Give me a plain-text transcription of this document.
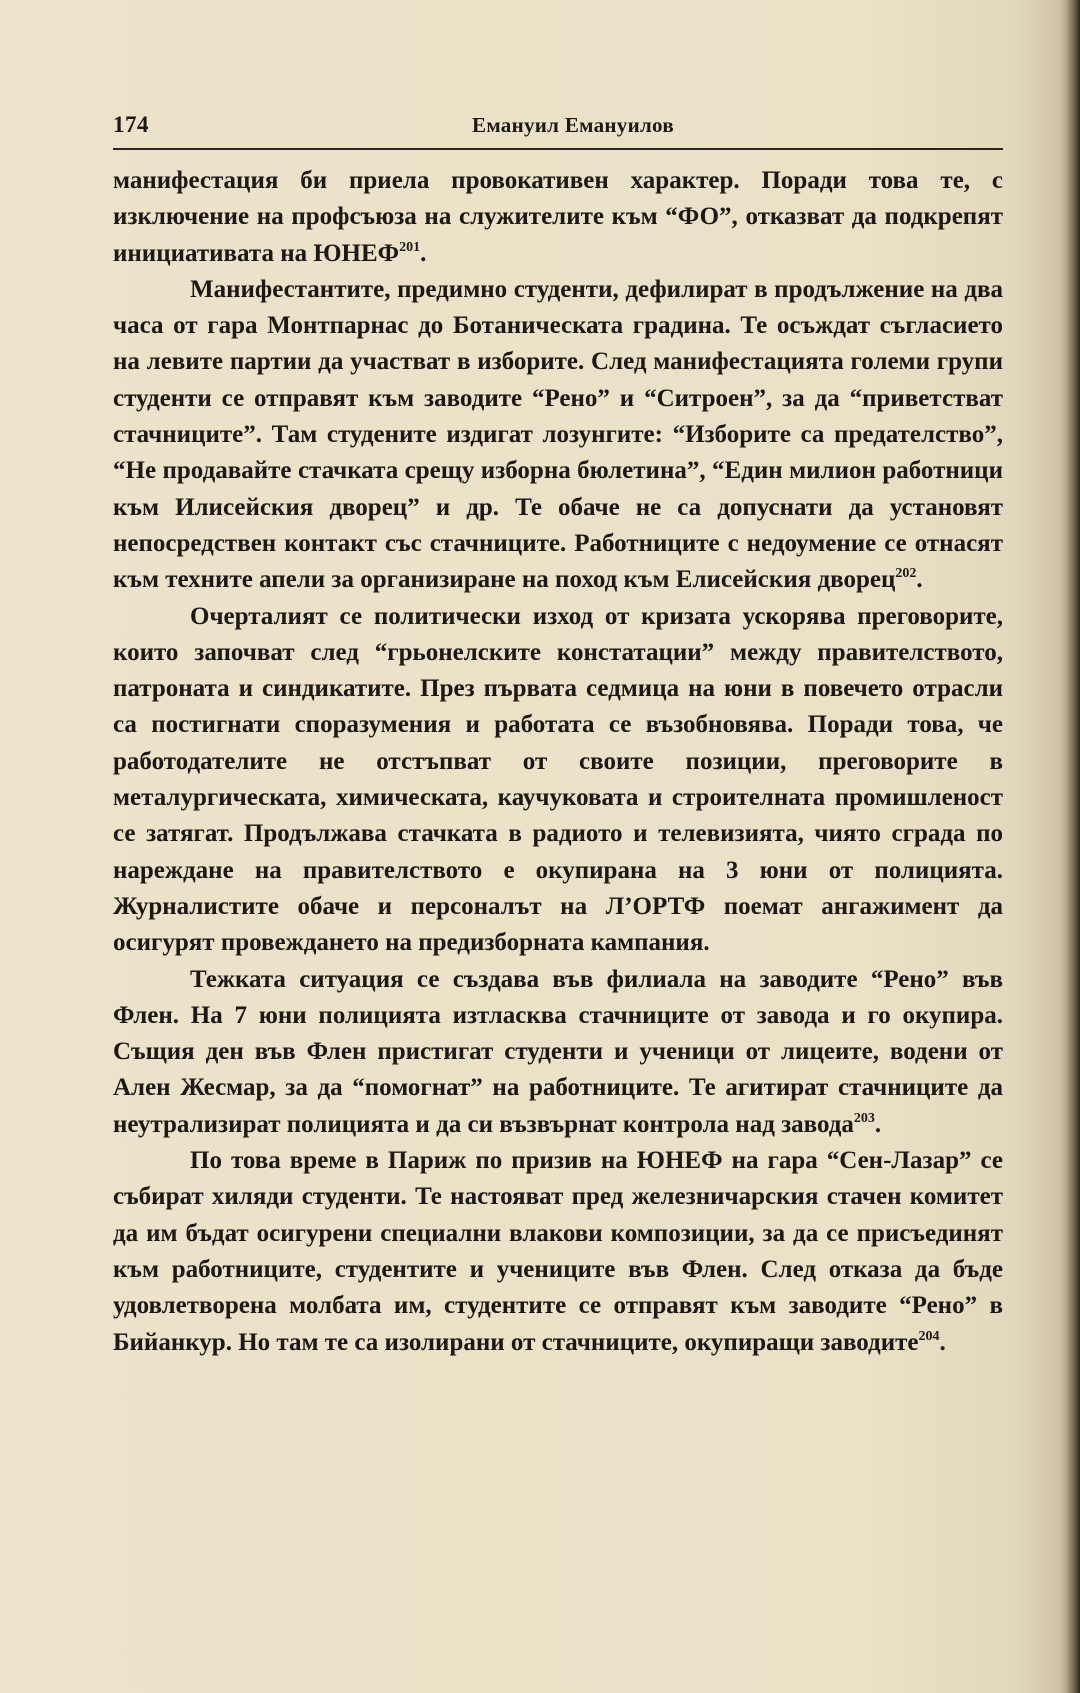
174	Емануил Емануилов

манифестация би приела провокативен характер. Поради това те, с изключение на профсъюза на служителите към “ФО”, отказват да подкрепят инициативата на ЮНЕФ$^{201}$.

Манифестантите, предимно студенти, дефилират в продължение на два часа от гара Монтпарнас до Ботаническата градина. Те осъждат съгласието на левите партии да участват в изборите. След манифестацията големи групи студенти се отправят към заводите “Рено” и “Ситроен”, за да “приветстват стачниците”. Там студените издигат лозунгите: “Изборите са предателство”, “Не продавайте стачката срещу изборна бюлетина”, “Един милион работници към Илисейския дворец” и др. Те обаче не са допуснати да установят непосредствен контакт със стачниците. Работниците с недоумение се отнасят към техните апели за организиране на поход към Елисейския дворец$^{202}$.

Очерталият се политически изход от кризата ускорява преговорите, които започват след “грьонелските констатации” между правителството, патроната и синдикатите. През първата седмица на юни в повечето отрасли са постигнати споразумения и работата се възобновява. Поради това, че работодателите не отстъпват от своите позиции, преговорите в металургическата, химическата, каучуковата и строителната промишленост се затягат. Продължава стачката в радиото и телевизията, чиято сграда по нареждане на правителството е окупирана на 3 юни от полицията. Журналистите обаче и персоналът на Л’ОРТФ поемат ангажимент да осигурят провеждането на предизборната кампания.

Тежката ситуация се създава във филиала на заводите “Рено” във Флен. На 7 юни полицията изтласква стачниците от завода и го окупира. Същия ден във Флен пристигат студенти и ученици от лицеите, водени от Ален Жесмар, за да “помогнат” на работниците. Те агитират стачниците да неутрализират полицията и да си възвърнат контрола над завода$^{203}$.

По това време в Париж по призив на ЮНЕФ на гара “Сен-Лазар” се събират хиляди студенти. Те настояват пред железничарския стачен комитет да им бъдат осигурени специални влакови композиции, за да се присъединят към работниците, студентите и учениците във Флен. След отказа да бъде удовлетворена молбата им, студентите се отправят към заводите “Рено” в Бийанкур. Но там те са изолирани от стачниците, окупиращи заводите$^{204}$.
